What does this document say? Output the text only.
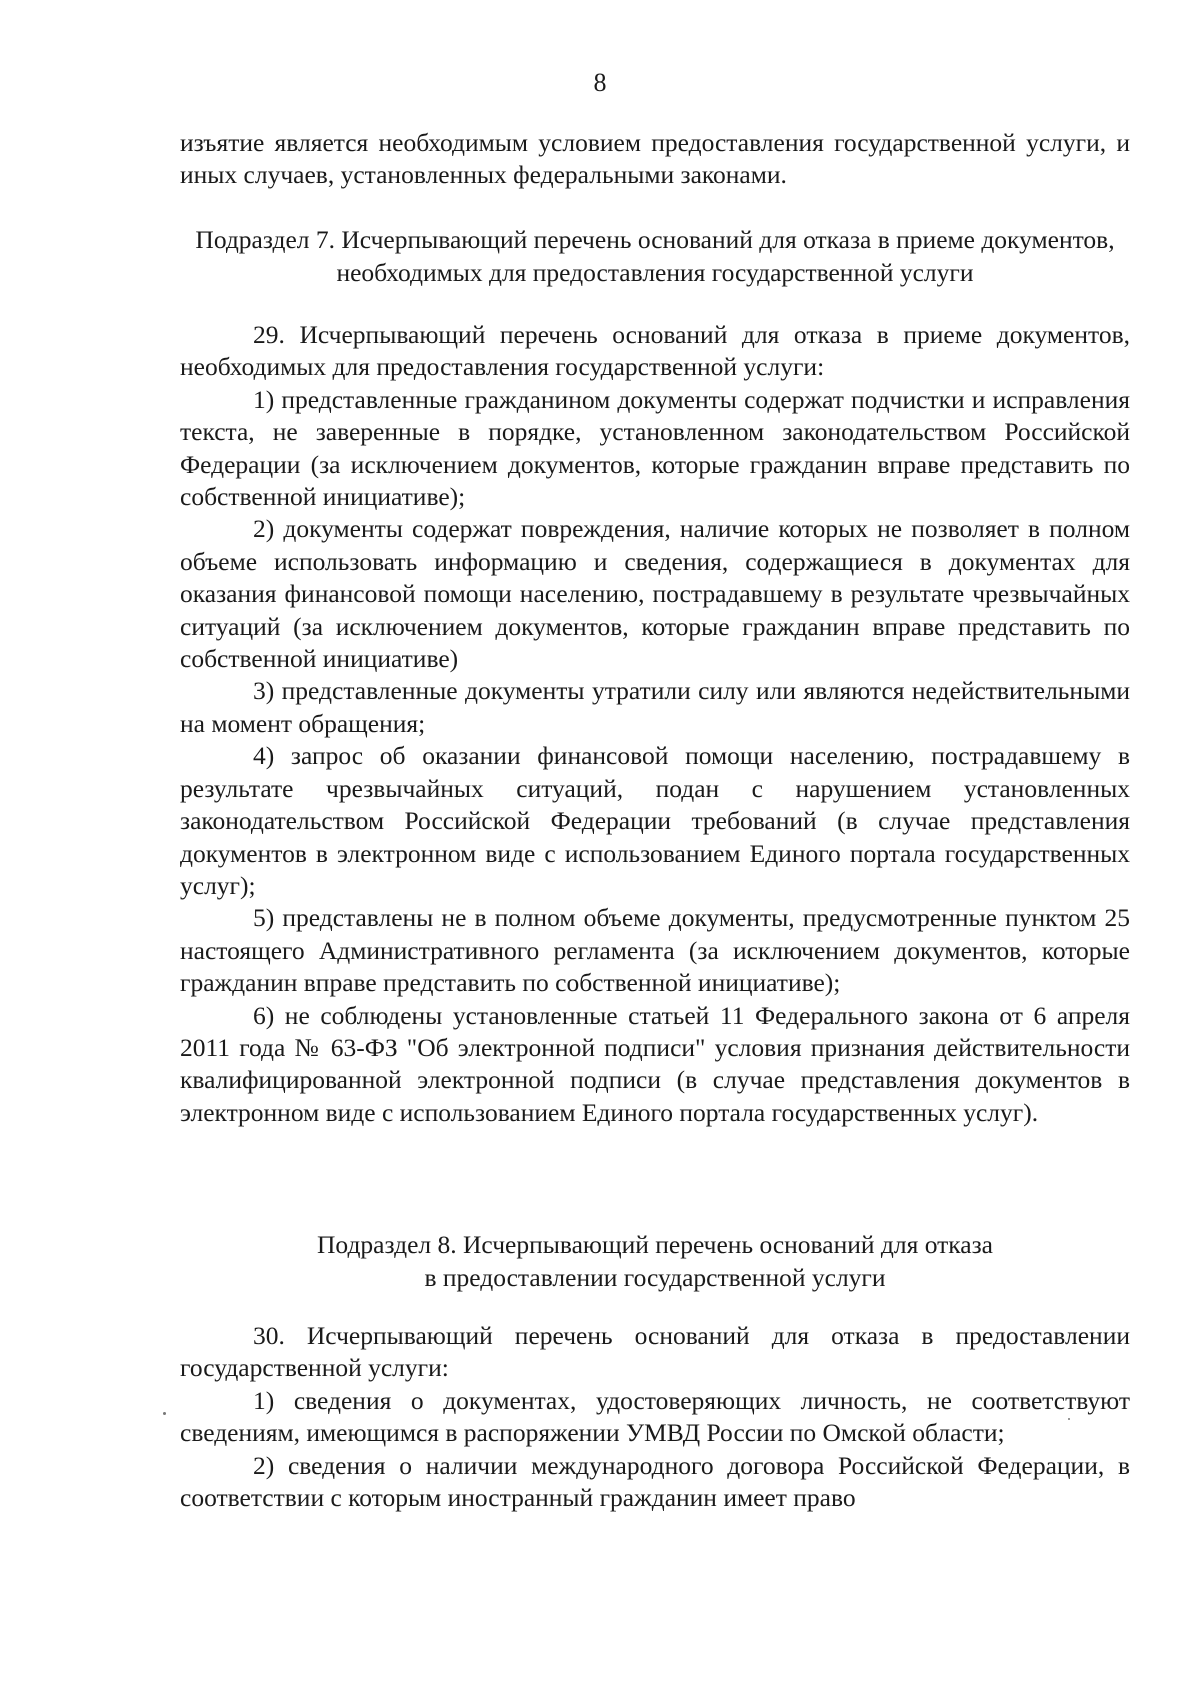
8

изъятие является необходимым условием предоставления государственной услуги, и иных случаев, установленных федеральными законами.

Подраздел 7. Исчерпывающий перечень оснований для отказа в приеме документов, необходимых для предоставления государственной услуги

29. Исчерпывающий перечень оснований для отказа в приеме документов, необходимых для предоставления государственной услуги:

1) представленные гражданином документы содержат подчистки и исправления текста, не заверенные в порядке, установленном законодательством Российской Федерации (за исключением документов, которые гражданин вправе представить по собственной инициативе);

2) документы содержат повреждения, наличие которых не позволяет в полном объеме использовать информацию и сведения, содержащиеся в документах для оказания финансовой помощи населению, пострадавшему в результате чрезвычайных ситуаций (за исключением документов, которые гражданин вправе представить по собственной инициативе)

3) представленные документы утратили силу или являются недействительными на момент обращения;

4) запрос об оказании финансовой помощи населению, пострадавшему в результате чрезвычайных ситуаций, подан с нарушением установленных законодательством Российской Федерации требований (в случае представления документов в электронном виде с использованием Единого портала государственных услуг);

5) представлены не в полном объеме документы, предусмотренные пунктом 25 настоящего Административного регламента (за исключением документов, которые гражданин вправе представить по собственной инициативе);

6) не соблюдены установленные статьей 11 Федерального закона от 6 апреля 2011 года № 63-ФЗ "Об электронной подписи" условия признания действительности квалифицированной электронной подписи (в случае представления документов в электронном виде с использованием Единого портала государственных услуг).

Подраздел 8. Исчерпывающий перечень оснований для отказа
в предоставлении государственной услуги

30. Исчерпывающий перечень оснований для отказа в предоставлении государственной услуги:

1) сведения о документах, удостоверяющих личность, не соответствуют сведениям, имеющимся в распоряжении УМВД России по Омской области;

2) сведения о наличии международного договора Российской Федерации, в соответствии с которым иностранный гражданин имеет право
